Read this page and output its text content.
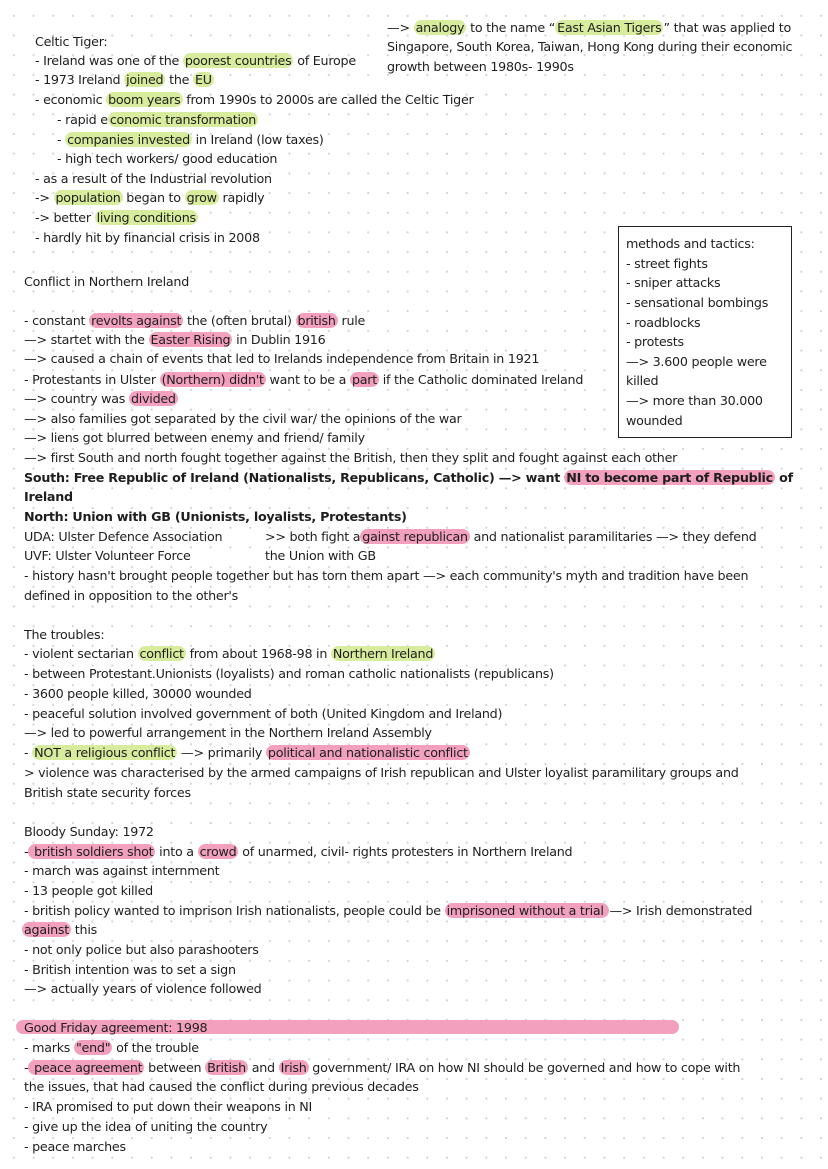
—> analogy to the name “ East Asian Tigers ” that was applied to
Singapore, South Korea, Taiwan, Hong Kong during their economic
growth between 1980s- 1990s
Celtic Tiger:
- Ireland was one of the poorest countries of Europe
- 1973 Ireland joined the EU
- economic boom years from 1990s to 2000s are called the Celtic Tiger
- rapid e conomic transformation
- companies invested in Ireland (low taxes)
- high tech workers/ good education
- as a result of the Industrial revolution
-> population began to grow rapidly
-> better living conditions
- hardly hit by financial crisis in 2008	methods and tactics:
- street fights
- sniper attacks
- sensational bombings
- roadblocks
- protests
—> 3.600 people were
killed
—> more than 30.000
wounded
Conflict in Northern Ireland
- constant revolts against the (often brutal) british rule
—> startet with the Easter Rising in Dublin 1916
—> caused a chain of events that led to Irelands independence from Britain in 1921
- Protestants in Ulster (Northern) didn't want to be a part if the Catholic dominated Ireland
—> country was divided
—> also families got separated by the civil war/ the opinions of the war
—> liens got blurred between enemy and friend/ family
—> first South and north fought together against the British, then they split and fought against each other
South: Free Republic of Ireland (Nationalists, Republicans, Catholic) —> want NI to become part of Republic of
Ireland
North: Union with GB (Unionists, loyalists, Protestants)
UDA: Ulster Defence Association
UVF: Ulster Volunteer Force
>> both fight a gainst republican and nationalist paramilitaries —> they defend
the Union with GB
- history hasn't brought people together but has torn them apart —> each community's myth and tradition have been
defined in opposition to the other's
The troubles:
- violent sectarian conflict from about 1968-98 in Northern Ireland
- between Protestant.Unionists (loyalists) and roman catholic nationalists (republicans)
- 3600 people killed, 30000 wounded
- peaceful solution involved government of both (United Kingdom and Ireland)
—> led to powerful arrangement in the Northern Ireland Assembly
- NOT a religious conflict —> primarily political and nationalistic conflict
> violence was characterised by the armed campaigns of Irish republican and Ulster loyalist paramilitary groups and
British state security forces
Bloody Sunday: 1972
- british soldiers shot into a crowd of unarmed, civil- rights protesters in Northern Ireland
- march was against internment
- 13 people got killed
- british policy wanted to imprison Irish nationalists, people could be imprisoned without a trial —> Irish demonstrated
against this
- not only police but also parashooters
- British intention was to set a sign
—> actually years of violence followed
Good Friday agreement: 1998
- marks "end" of the trouble
- peace agreement between British and Irish government/ IRA on how NI should be governed and how to cope with
the issues, that had caused the conflict during previous decades
- IRA promised to put down their weapons in NI
- give up the idea of uniting the country
- peace marches
